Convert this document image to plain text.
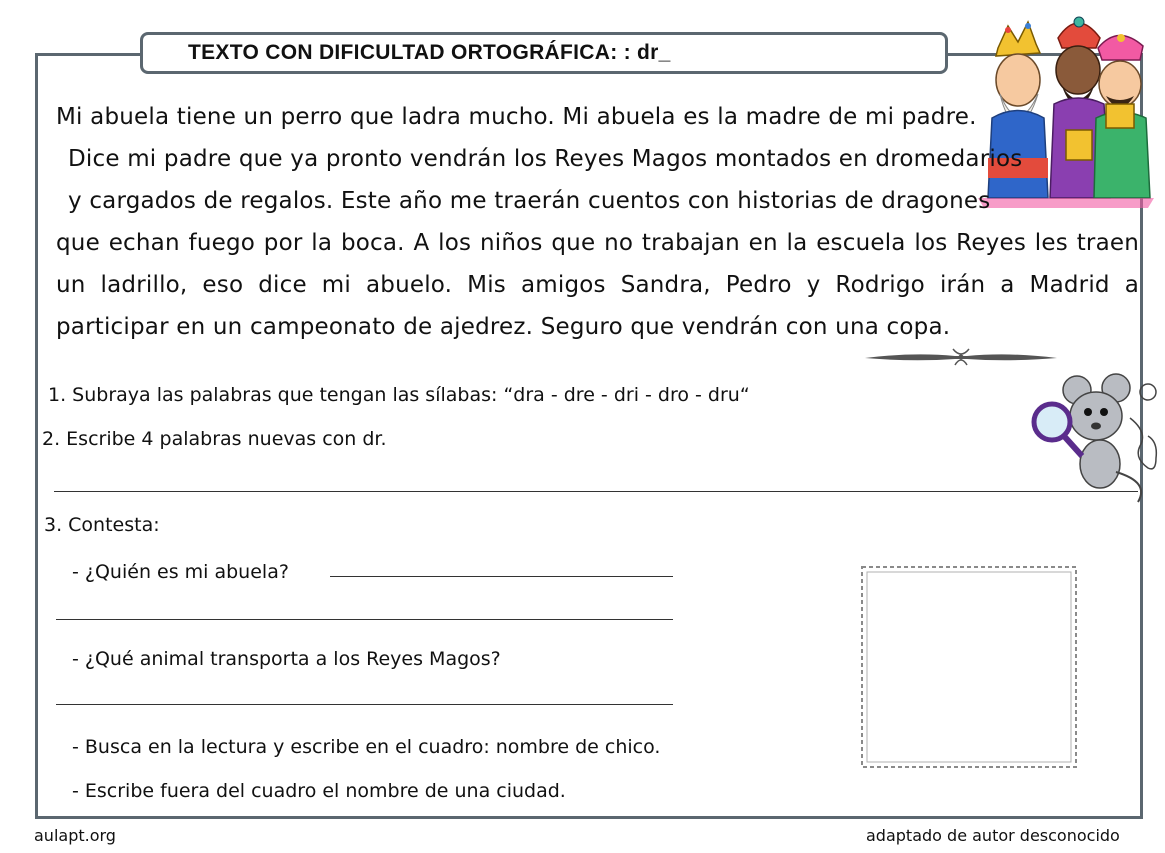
TEXTO CON DIFICULTAD ORTOGRÁFICA: : dr_
Mi abuela tiene un perro que ladra mucho. Mi abuela es la madre de mi padre.
Dice mi padre que ya pronto vendrán los Reyes Magos montados en dromedarios
y cargados de regalos. Este año me traerán cuentos con historias de dragones
que echan fuego por la boca. A los niños que no trabajan en la escuela los Reyes les traen
un ladrillo, eso dice mi abuelo. Mis amigos Sandra, Pedro y Rodrigo irán a Madrid a
participar en un campeonato de ajedrez. Seguro que vendrán con una copa.
1. Subraya las palabras que tengan las sílabas: “dra - dre - dri - dro - dru“
2. Escribe 4 palabras nuevas con dr.
3. Contesta:
- ¿Quién es mi abuela?
- ¿Qué animal transporta a los Reyes Magos?
- Busca en la lectura y escribe en el cuadro: nombre de chico.
- Escribe fuera del cuadro el nombre de una ciudad.
aulapt.org	adaptado de autor desconocido
